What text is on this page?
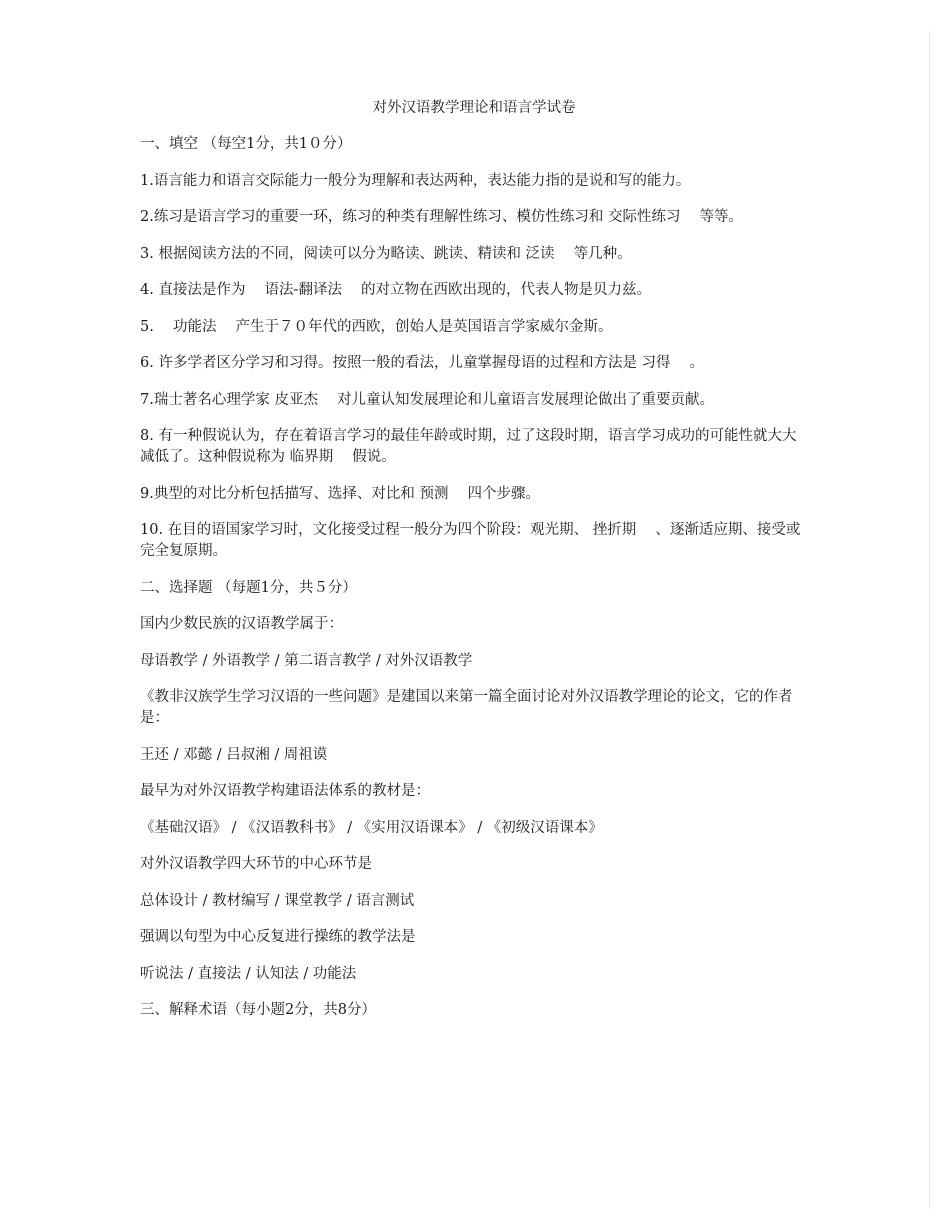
对外汉语教学理论和语言学试卷
一、填空 （每空1分，共1０分）
1.语言能力和语言交际能力一般分为理解和表达两种，表达能力指的是说和写的能力。
2.练习是语言学习的重要一环，练习的种类有理解性练习、模仿性练习和 交际性练习　 等等。
3. 根据阅读方法的不同，阅读可以分为略读、跳读、精读和 泛读　 等几种。
4. 直接法是作为　 语法-翻译法　 的对立物在西欧出现的，代表人物是贝力兹。
5.　 功能法　 产生于７０年代的西欧，创始人是英国语言学家威尔金斯。
6. 许多学者区分学习和习得。按照一般的看法，儿童掌握母语的过程和方法是 习得　 。
7.瑞士著名心理学家 皮亚杰　 对儿童认知发展理论和儿童语言发展理论做出了重要贡献。
8. 有一种假说认为，存在着语言学习的最佳年龄或时期，过了这段时期，语言学习成功的可能性就大大减低了。这种假说称为 临界期　 假说。
9.典型的对比分析包括描写、选择、对比和 预测　 四个步骤。
10. 在目的语国家学习时，文化接受过程一般分为四个阶段：观光期、 挫折期　 、逐渐适应期、接受或完全复原期。
二、选择题 （每题1分，共５分）
国内少数民族的汉语教学属于：
母语教学 / 外语教学 / 第二语言教学 / 对外汉语教学
《教非汉族学生学习汉语的一些问题》是建国以来第一篇全面讨论对外汉语教学理论的论文，它的作者是：
王还 / 邓懿 / 吕叔湘 / 周祖谟
最早为对外汉语教学构建语法体系的教材是：
《基础汉语》 / 《汉语教科书》 / 《实用汉语课本》 / 《初级汉语课本》
对外汉语教学四大环节的中心环节是
总体设计 / 教材编写 / 课堂教学 / 语言测试
强调以句型为中心反复进行操练的教学法是
听说法 / 直接法 / 认知法 / 功能法
三、解释术语（每小题2分，共8分）
